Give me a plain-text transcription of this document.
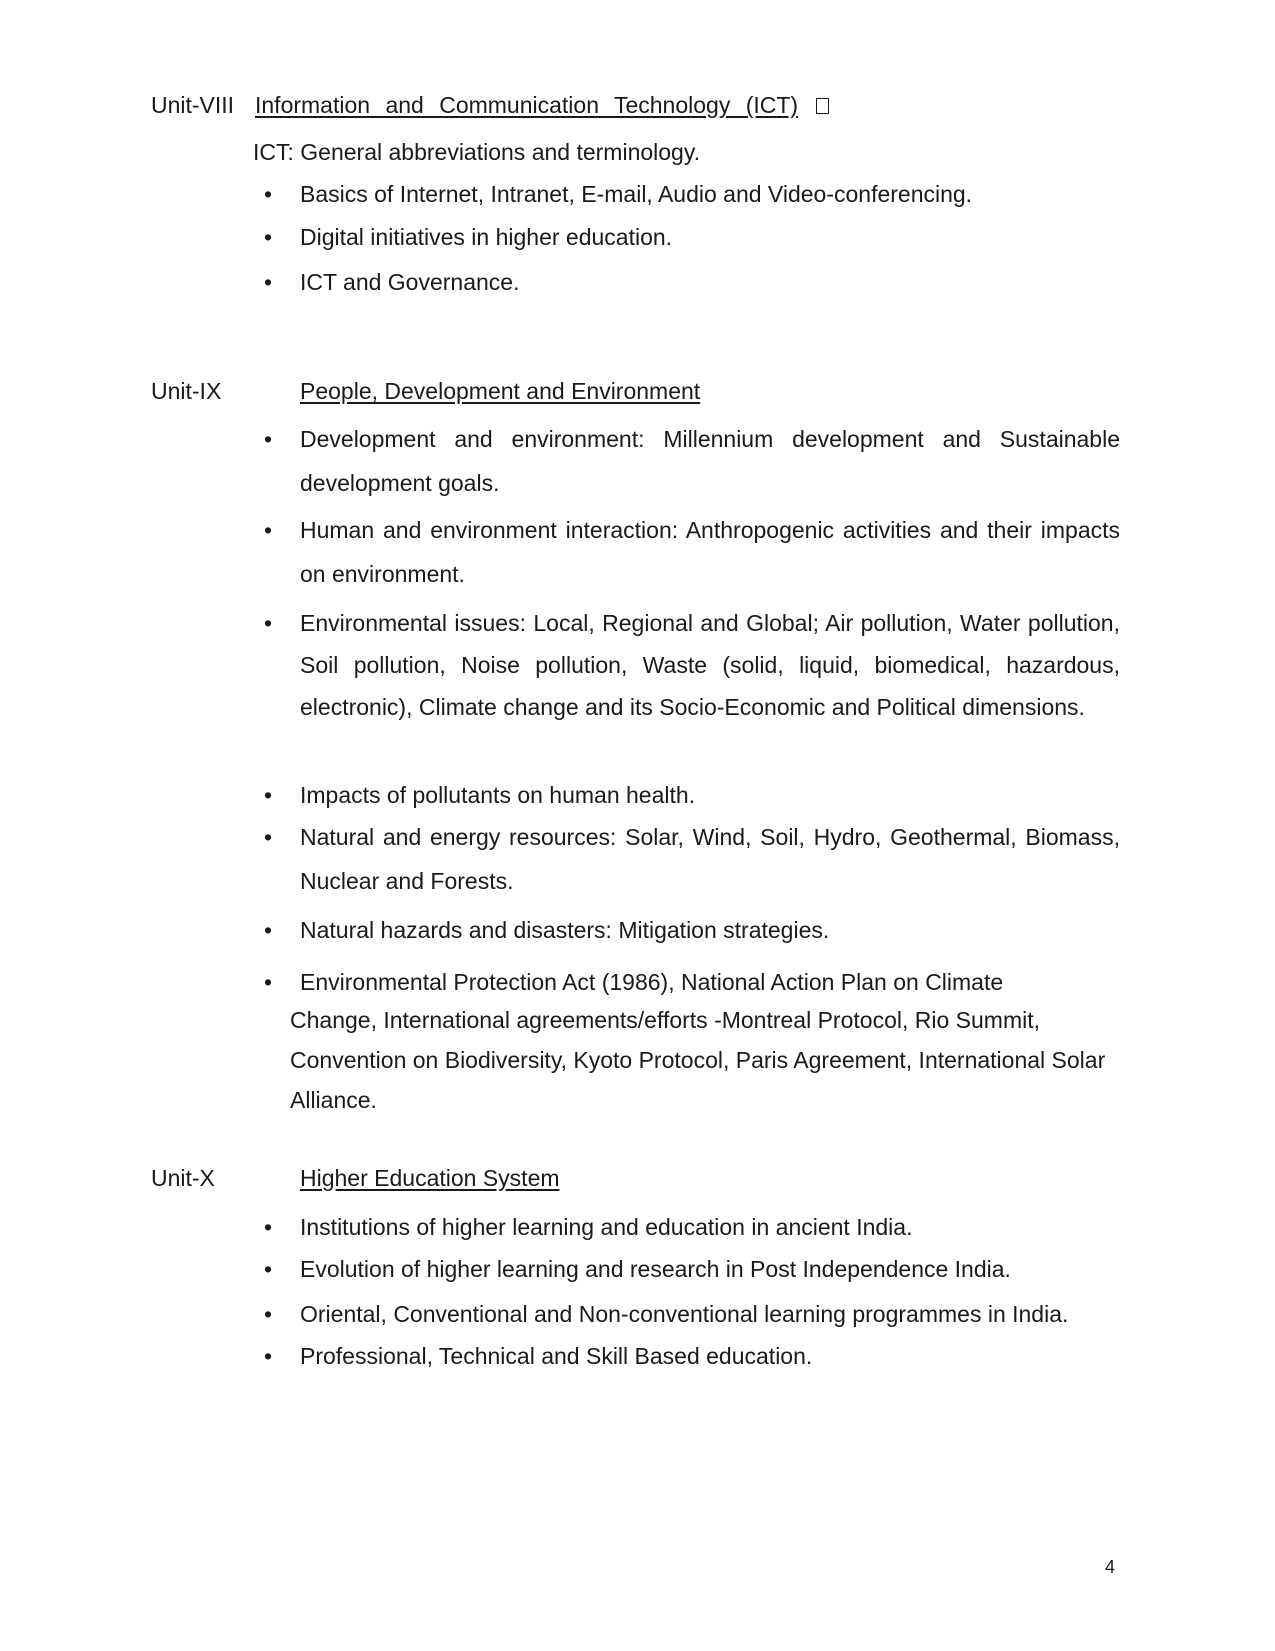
Unit-VIII Information and Communication Technology (ICT)
ICT: General abbreviations and terminology.
• Basics of Internet, Intranet, E-mail, Audio and Video-conferencing.
• Digital initiatives in higher education.
• ICT and Governance.
Unit-IX	People, Development and Environment
• Development and environment: Millennium development and Sustainable development goals.
• Human and environment interaction: Anthropogenic activities and their impacts on environment.
• Environmental issues: Local, Regional and Global; Air pollution, Water pollution, Soil pollution, Noise pollution, Waste (solid, liquid, biomedical, hazardous, electronic), Climate change and its Socio-Economic and Political dimensions.
• Impacts of pollutants on human health.
• Natural and energy resources: Solar, Wind, Soil, Hydro, Geothermal, Biomass, Nuclear and Forests.
• Natural hazards and disasters: Mitigation strategies.
•	Environmental Protection Act (1986), National Action Plan on Climate
Change, International agreements/efforts -Montreal Protocol, Rio Summit, Convention on Biodiversity, Kyoto Protocol, Paris Agreement, International Solar Alliance.
Unit-X	Higher Education System
• Institutions of higher learning and education in ancient India.
• Evolution of higher learning and research in Post Independence India.
• Oriental, Conventional and Non-conventional learning programmes in India.
• Professional, Technical and Skill Based education.
4
